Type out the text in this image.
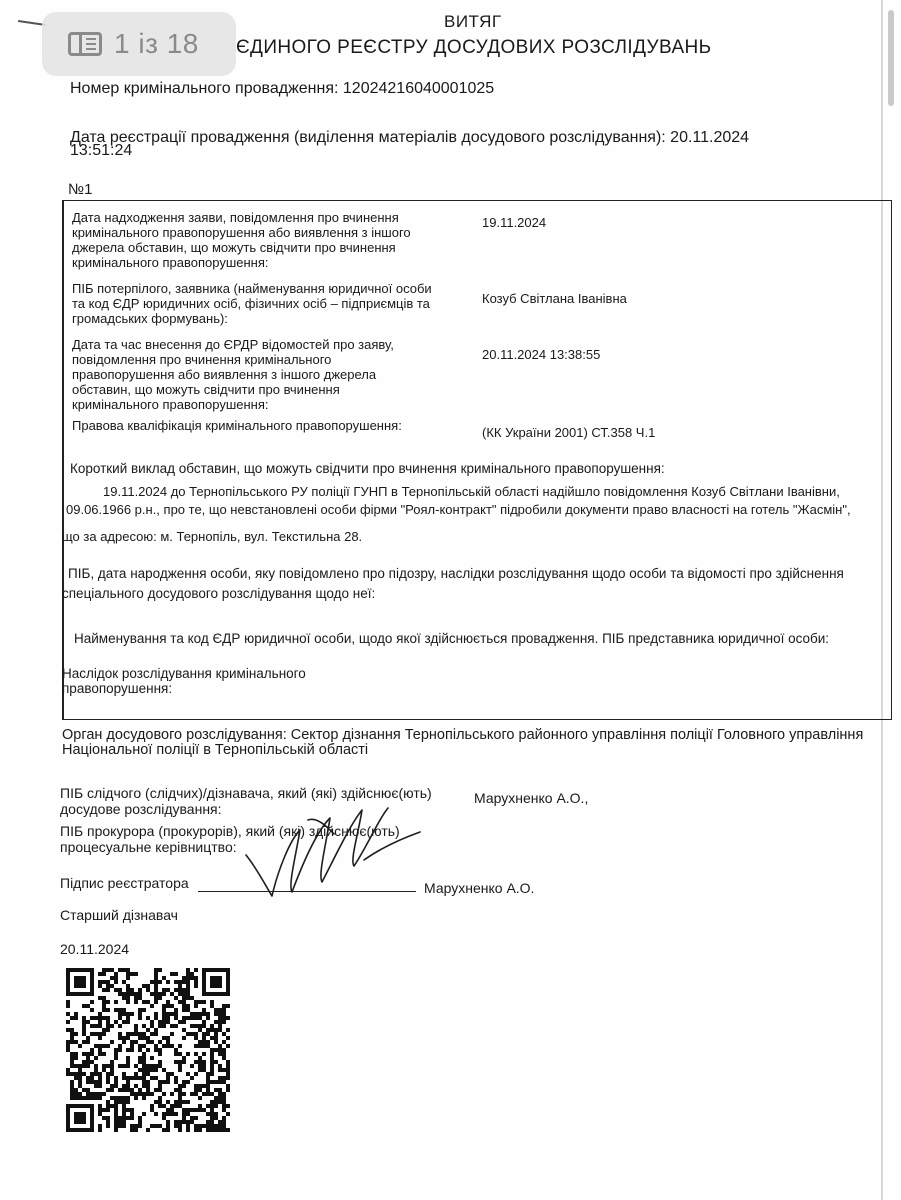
ВИТЯГ
ЄДИНОГО РЕЄСТРУ ДОСУДОВИХ РОЗСЛІДУВАНЬ
1 із 18
Номер кримінального провадження: 12024216040001025
Дата реєстрації провадження (виділення матеріалів досудового розслідування): 20.11.2024
13:51:24
№1
Дата надходження заяви, повідомлення про вчинення кримінального правопорушення або виявлення з іншого джерела обставин, що можуть свідчити про вчинення кримінального правопорушення:
19.11.2024
ПІБ потерпілого, заявника (найменування юридичної особи та код ЄДР юридичних осіб, фізичних осіб – підприємців та громадських формувань):
Козуб Світлана Іванівна
Дата та час внесення до ЄРДР відомостей про заяву, повідомлення про вчинення кримінального правопорушення або виявлення з іншого джерела обставин, що можуть свідчити про вчинення кримінального правопорушення:
20.11.2024 13:38:55
Правова кваліфікація кримінального правопорушення:	(КК України 2001) СТ.358 Ч.1
Короткий виклад обставин, що можуть свідчити про вчинення кримінального правопорушення:
19.11.2024 до Тернопільського РУ поліції ГУНП в Тернопільській області надійшло повідомлення Козуб Світлани Іванівни,
09.06.1966 р.н., про те, що невстановлені особи фірми "Роял-контракт" підробили документи право власності на готель "Жасмін",
що за адресою: м. Тернопіль, вул. Текстильна 28.
ПІБ, дата народження особи, яку повідомлено про підозру, наслідки розслідування щодо особи та відомості про здійснення
спеціального досудового розслідування щодо неї:
Найменування та код ЄДР юридичної особи, щодо якої здійснюється провадження. ПІБ представника юридичної особи:
Наслідок розслідування кримінального
правопорушення:
Орган досудового розслідування: Сектор дізнання Тернопільського районного управління поліції Головного управління
Національної поліції в Тернопільській області
ПІБ слідчого (слідчих)/дізнавача, який (які) здійснює(ють)
досудове розслідування:
Марухненко А.О.,
ПІБ прокурора (прокурорів), який (які) здійснює(ють)
процесуальне керівництво:
Підпис реєстратора	Марухненко А.О.
Старший дізнавач
20.11.2024
